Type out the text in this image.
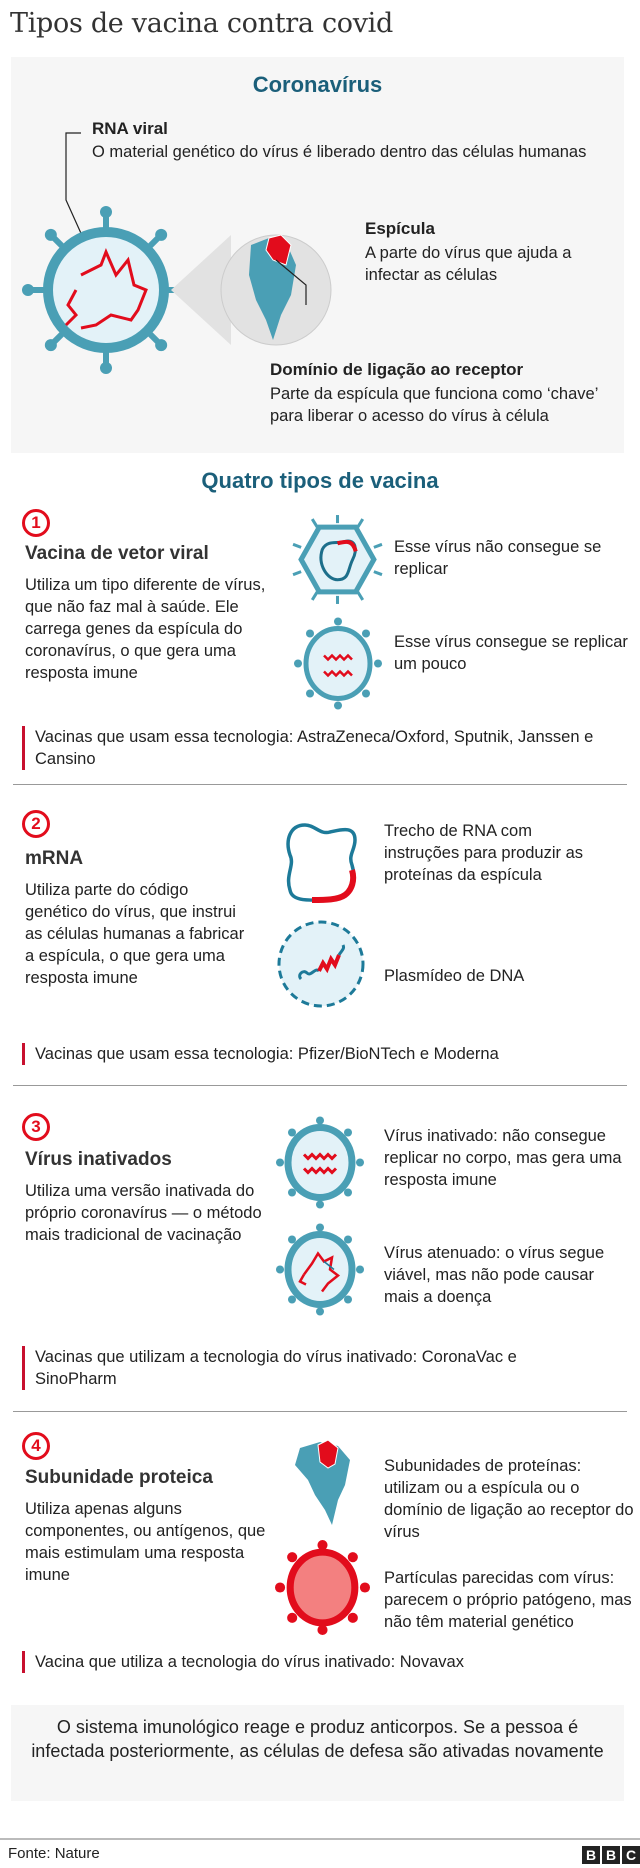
Tipos de vacina contra covid
Coronavírus
RNA viral
O material genético do vírus é liberado dentro das células humanas
Espícula
A parte do vírus que ajuda a infectar as células
Domínio de ligação ao receptor
Parte da espícula que funciona como ‘chave’ para liberar o acesso do vírus à célula
Quatro tipos de vacina
1
Vacina de vetor viral
Utiliza um tipo diferente de vírus, que não faz mal à saúde. Ele carrega genes da espícula do coronavírus, o que gera uma resposta imune
Esse vírus não consegue se replicar
Esse vírus consegue se replicar um pouco
Vacinas que usam essa tecnologia: AstraZeneca/Oxford, Sputnik, Janssen e Cansino
2
mRNA
Utiliza parte do código genético do vírus, que instrui as células humanas a fabricar a espícula, o que gera uma resposta imune
Trecho de RNA com instruções para produzir as proteínas da espícula
Plasmídeo de DNA
Vacinas que usam essa tecnologia: Pfizer/BioNTech e Moderna
3
Vírus inativados
Utiliza uma versão inativada do próprio coronavírus — o método mais tradicional de vacinação
Vírus inativado: não consegue replicar no corpo, mas gera uma resposta imune
Vírus atenuado: o vírus segue viável, mas não pode causar mais a doença
Vacinas que utilizam a tecnologia do vírus inativado: CoronaVac e SinoPharm
4
Subunidade proteica
Utiliza apenas alguns componentes, ou antígenos, que mais estimulam uma resposta imune
Subunidades de proteínas: utilizam ou a espícula ou o domínio de ligação ao receptor do vírus
Partículas parecidas com vírus: parecem o próprio patógeno, mas não têm material genético
Vacina que utiliza a tecnologia do vírus inativado: Novavax
O sistema imunológico reage e produz anticorpos. Se a pessoa é infectada posteriormente, as células de defesa são ativadas novamente
Fonte: Nature	B B C
